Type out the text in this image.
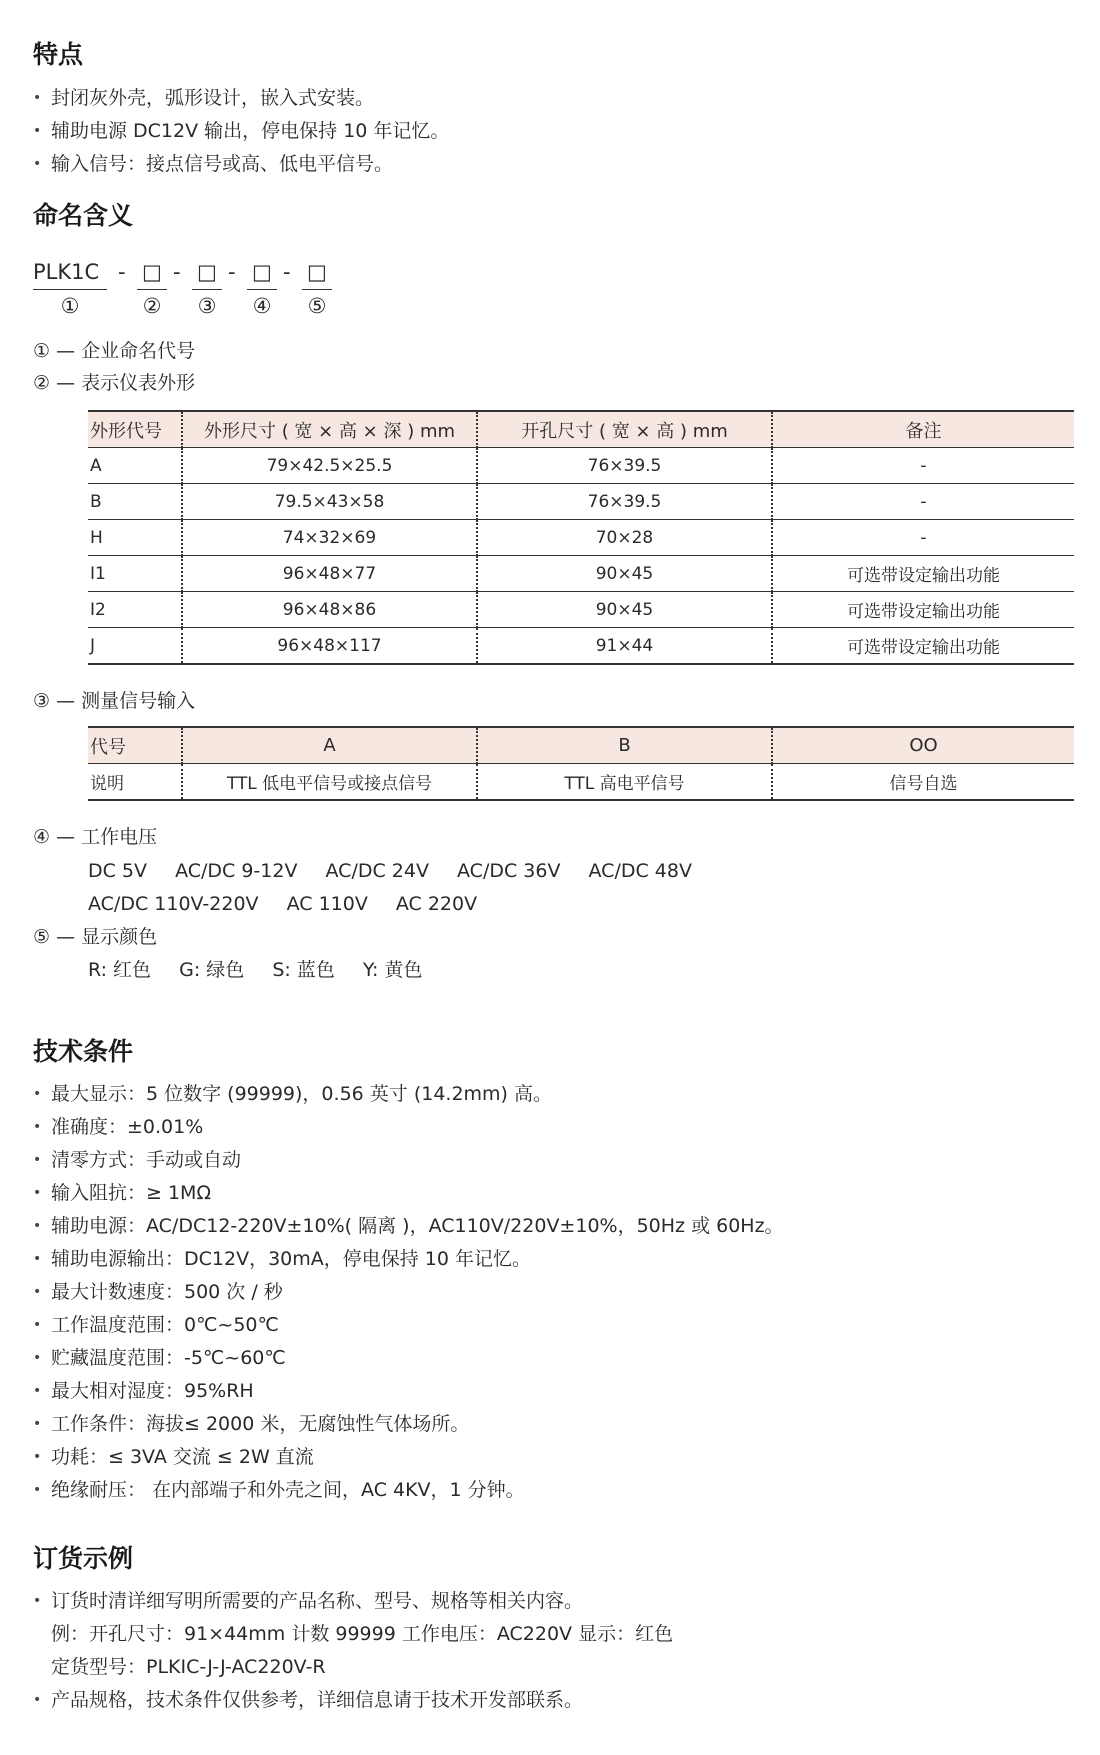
特点
• 封闭灰外壳，弧形设计，嵌入式安装。
• 辅助电源 DC12V 输出，停电保持 10 年记忆。
• 输入信号：接点信号或高、低电平信号。
命名含义
PLK1C
①
- □
②
- □
③
- □
④
- □
⑤
① — 企业命名代号
② — 表示仪表外形
外形代号	外形尺寸 ( 宽 × 高 × 深 ) mm	开孔尺寸 ( 宽 × 高 ) mm	备注
A	79×42.5×25.5	76×39.5	-
B	79.5×43×58	76×39.5	-
H	74×32×69	70×28	-
I1	96×48×77	90×45	可选带设定输出功能
I2	96×48×86	90×45	可选带设定输出功能
J	96×48×117	91×44	可选带设定输出功能
③ — 测量信号输入
代号	A	B	OO
说明	TTL 低电平信号或接点信号	TTL 高电平信号	信号自选
④ — 工作电压
DC 5V AC/DC 9-12V AC/DC 24V AC/DC 36V AC/DC 48V
AC/DC 110V-220V AC 110V AC 220V
⑤ — 显示颜色
R: 红色 G: 绿色 S: 蓝色 Y: 黄色
技术条件
• 最大显示：5 位数字 (99999)，0.56 英寸 (14.2mm) 高。
• 准确度：±0.01%
• 清零方式：手动或自动
• 输入阻抗：≥ 1MΩ
• 辅助电源：AC/DC12-220V±10%( 隔离 )，AC110V/220V±10%，50Hz 或 60Hz。
• 辅助电源输出：DC12V，30mA，停电保持 10 年记忆。
• 最大计数速度：500 次 / 秒
• 工作温度范围：0℃~50℃
• 贮藏温度范围：-5℃~60℃
• 最大相对湿度：95%RH
• 工作条件：海拔≤ 2000 米，无腐蚀性气体场所。
• 功耗：≤ 3VA 交流 ≤ 2W 直流
• 绝缘耐压： 在内部端子和外壳之间，AC 4KV，1 分钟。
订货示例
• 订货时清详细写明所需要的产品名称、型号、规格等相关内容。
例：开孔尺寸：91×44mm 计数 99999 工作电压：AC220V 显示：红色
定货型号：PLKIC-J-J-AC220V-R
• 产品规格，技术条件仅供参考，详细信息请于技术开发部联系。
